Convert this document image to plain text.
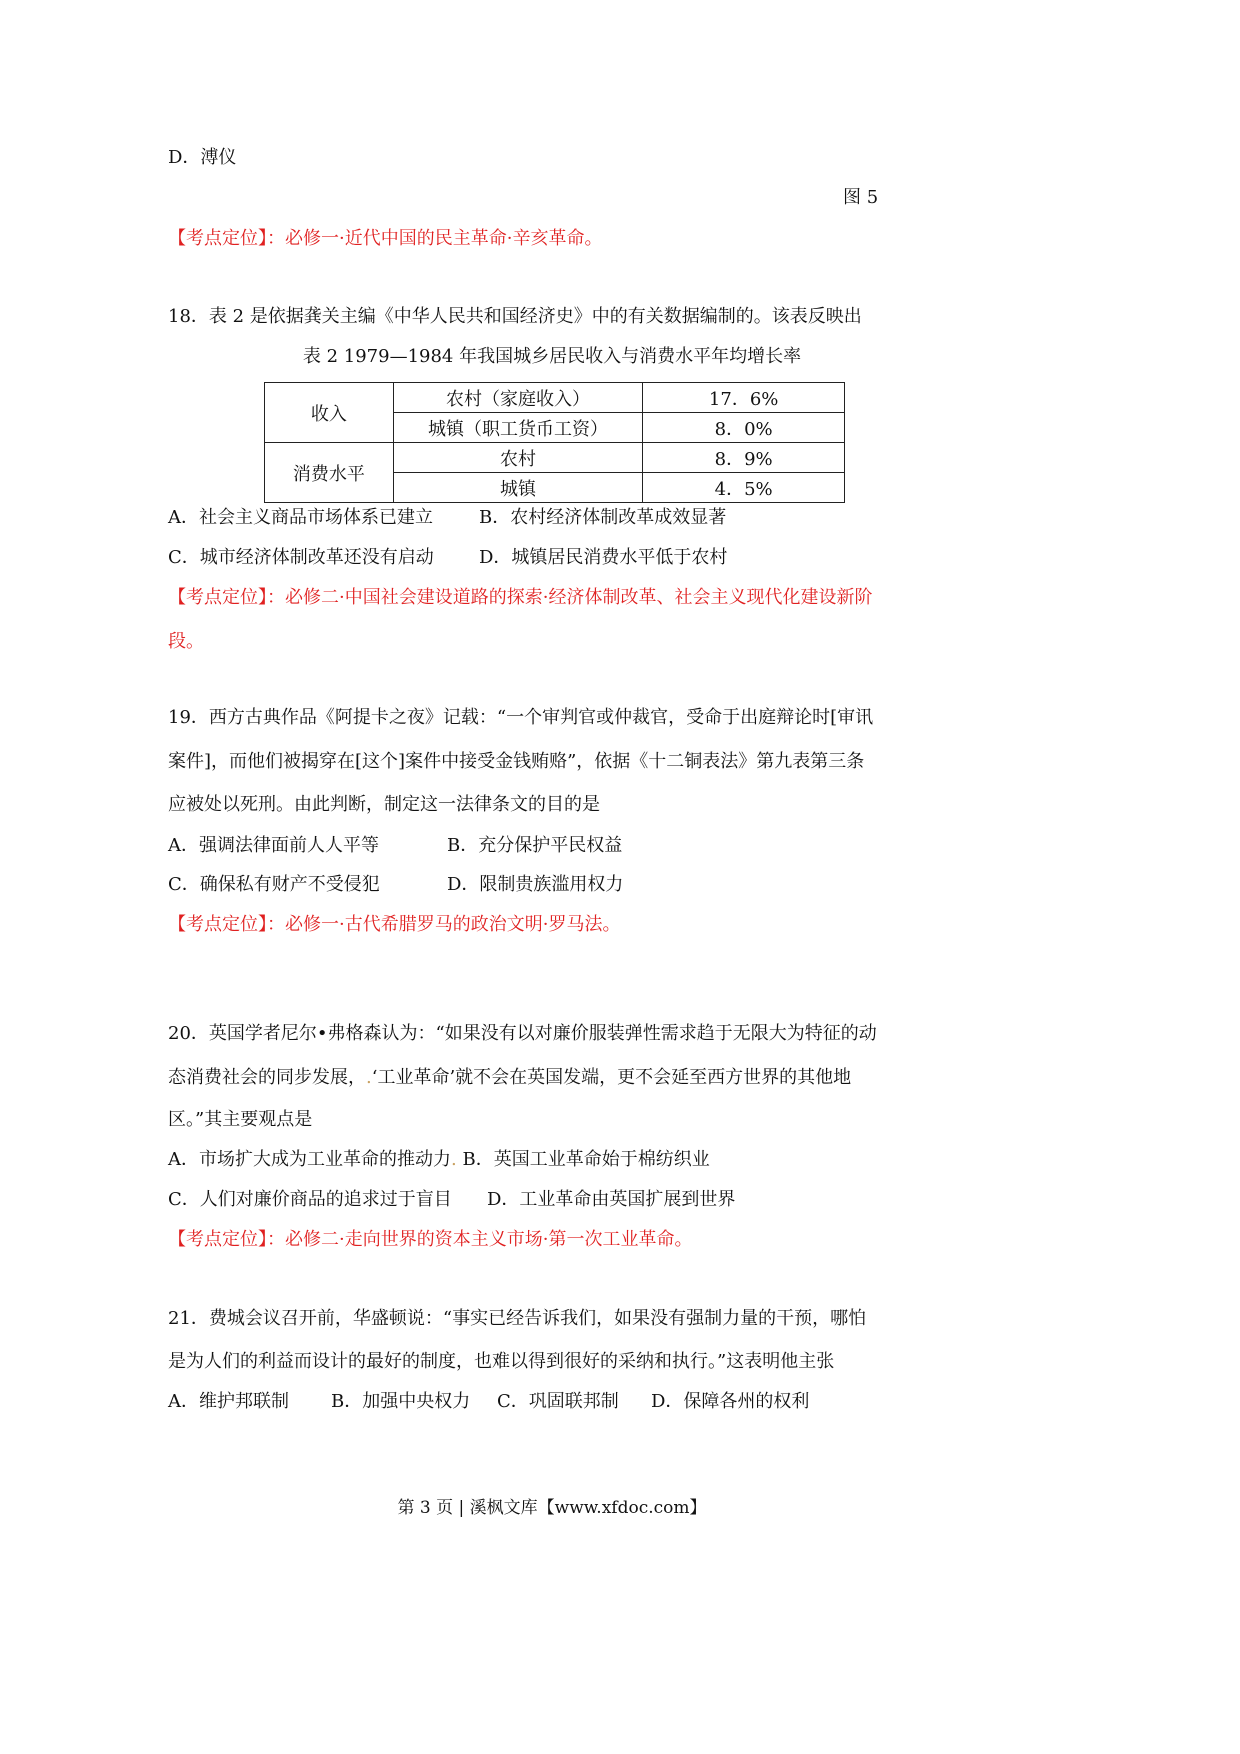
D．溥仪
图 5
【考点定位】：必修一·近代中国的民主革命·辛亥革命。
18．表 2 是依据龚关主编《中华人民共和国经济史》中的有关数据编制的。该表反映出
表 2 1979—1984 年我国城乡居民收入与消费水平年均增长率
收入	农村（家庭收入）	17．6%
	城镇（职工货币工资）	8．0%
消费水平	农村	8．9%
	城镇	4．5%
A．社会主义商品市场体系已建立	B．农村经济体制改革成效显著
C．城市经济体制改革还没有启动	D．城镇居民消费水平低于农村
【考点定位】：必修二·中国社会建设道路的探索·经济体制改革、社会主义现代化建设新阶
段。
19．西方古典作品《阿提卡之夜》记载：“一个审判官或仲裁官，受命于出庭辩论时[审讯
案件]，而他们被揭穿在[这个]案件中接受金钱贿赂”，依据《十二铜表法》第九表第三条
应被处以死刑。由此判断，制定这一法律条文的目的是
A．强调法律面前人人平等	B．充分保护平民权益
C．确保私有财产不受侵犯	D．限制贵族滥用权力
【考点定位】：必修一·古代希腊罗马的政治文明·罗马法。
20．英国学者尼尔•弗格森认为：“如果没有以对廉价服装弹性需求趋于无限大为特征的动
态消费社会的同步发展，.‘工业革命’就不会在英国发端，更不会延至西方世界的其他地
区。”其主要观点是
A．市场扩大成为工业革命的推动力. B．英国工业革命始于棉纺织业
C．人们对廉价商品的追求过于盲目 D．工业革命由英国扩展到世界
【考点定位】：必修二·走向世界的资本主义市场·第一次工业革命。
21．费城会议召开前，华盛顿说：“事实已经告诉我们，如果没有强制力量的干预，哪怕
是为人们的利益而设计的最好的制度，也难以得到很好的采纳和执行。”这表明他主张
A．维护邦联制 B．加强中央权力 C．巩固联邦制 D．保障各州的权利
第 3 页 | 溪枫文库【www.xfdoc.com】
